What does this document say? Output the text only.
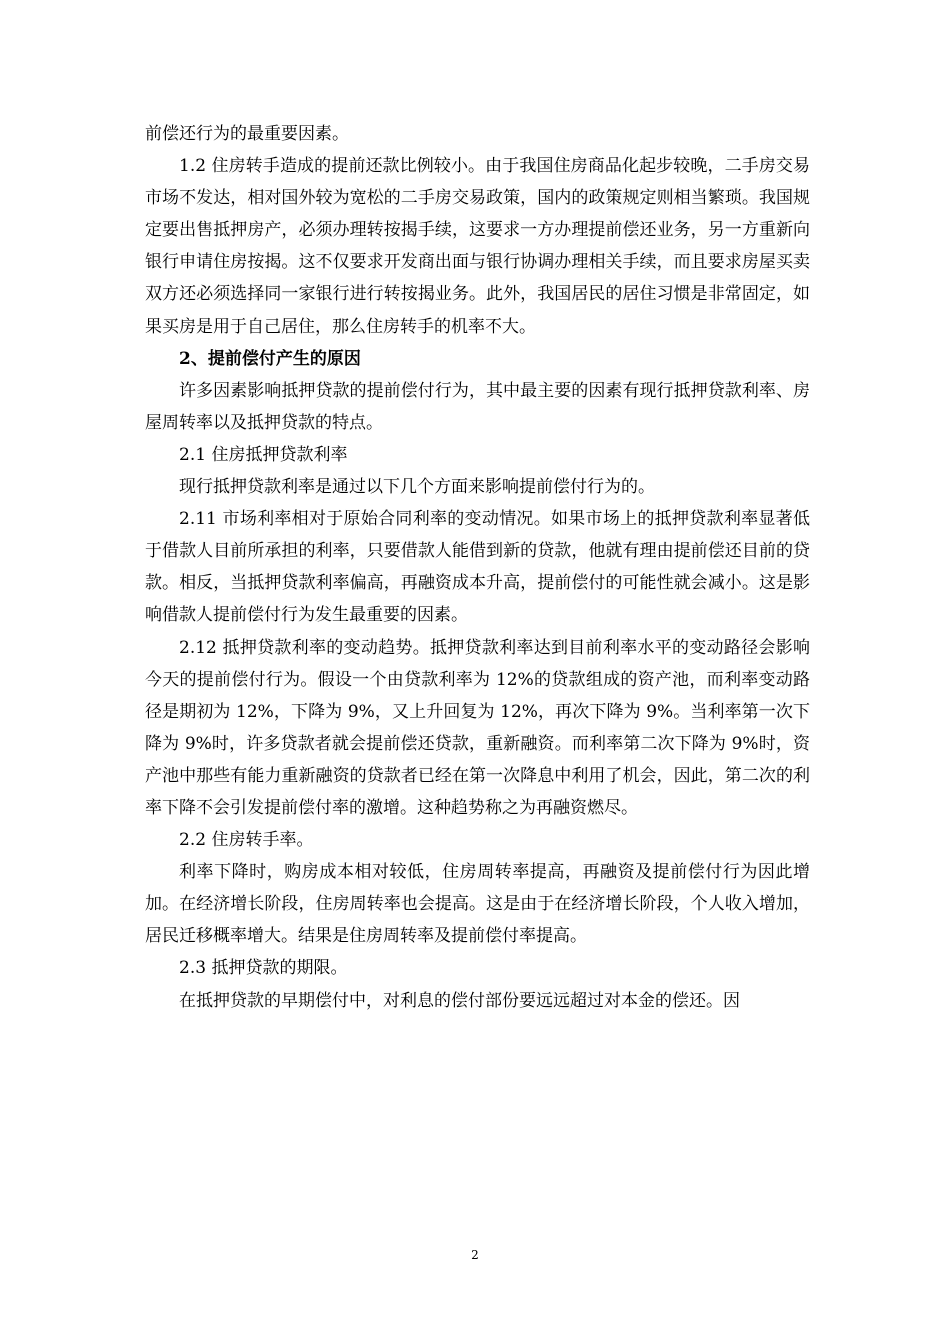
前偿还行为的最重要因素。

1.2 住房转手造成的提前还款比例较小。由于我国住房商品化起步较晚，二手房交易市场不发达，相对国外较为宽松的二手房交易政策，国内的政策规定则相当繁琐。我国规定要出售抵押房产，必须办理转按揭手续，这要求一方办理提前偿还业务，另一方重新向银行申请住房按揭。这不仅要求开发商出面与银行协调办理相关手续，而且要求房屋买卖双方还必须选择同一家银行进行转按揭业务。此外，我国居民的居住习惯是非常固定，如果买房是用于自己居住，那么住房转手的机率不大。

2、提前偿付产生的原因

许多因素影响抵押贷款的提前偿付行为，其中最主要的因素有现行抵押贷款利率、房屋周转率以及抵押贷款的特点。

2.1 住房抵押贷款利率

现行抵押贷款利率是通过以下几个方面来影响提前偿付行为的。

2.11 市场利率相对于原始合同利率的变动情况。如果市场上的抵押贷款利率显著低于借款人目前所承担的利率，只要借款人能借到新的贷款，他就有理由提前偿还目前的贷款。相反，当抵押贷款利率偏高，再融资成本升高，提前偿付的可能性就会减小。这是影响借款人提前偿付行为发生最重要的因素。

2.12 抵押贷款利率的变动趋势。抵押贷款利率达到目前利率水平的变动路径会影响今天的提前偿付行为。假设一个由贷款利率为 12%的贷款组成的资产池，而利率变动路径是期初为 12%，下降为 9%，又上升回复为 12%，再次下降为 9%。当利率第一次下降为 9%时，许多贷款者就会提前偿还贷款，重新融资。而利率第二次下降为 9%时，资产池中那些有能力重新融资的贷款者已经在第一次降息中利用了机会，因此，第二次的利率下降不会引发提前偿付率的激增。这种趋势称之为再融资燃尽。

2.2 住房转手率。

利率下降时，购房成本相对较低，住房周转率提高，再融资及提前偿付行为因此增加。在经济增长阶段，住房周转率也会提高。这是由于在经济增长阶段，个人收入增加，居民迁移概率增大。结果是住房周转率及提前偿付率提高。

2.3 抵押贷款的期限。

在抵押贷款的早期偿付中，对利息的偿付部份要远远超过对本金的偿还。因

2
